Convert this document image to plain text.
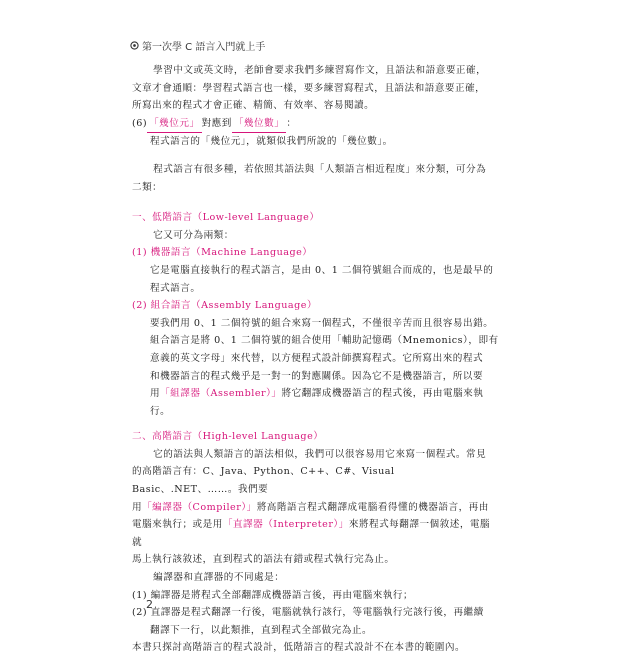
第一次學 C 語言入門就上手

學習中文或英文時，老師會要求我們多練習寫作文，且語法和語意要正確，

文章才會通順：學習程式語言也一樣，要多練習寫程式，且語法和語意要正確，

所寫出來的程式才會正確、精簡、有效率、容易閱讀。

(6) 「幾位元」 對應到 「幾位數」 ：

程式語言的「幾位元」，就類似我們所說的「幾位數」。

程式語言有很多種，若依照其語法與「人類語言相近程度」來分類，可分為

二類：

一、低階語言（Low-level Language）

它又可分為兩類：

(1) 機器語言（Machine Language）

它是電腦直接執行的程式語言，是由 0、1 二個符號組合而成的，也是最早的

程式語言。

(2) 組合語言（Assembly Language）

要我們用 0、1 二個符號的組合來寫一個程式，不僅很辛苦而且很容易出錯。

組合語言是將 0、1 二個符號的組合使用「輔助記憶碼（Mnemonics），即有

意義的英文字母」來代替，以方便程式設計師撰寫程式。它所寫出來的程式

和機器語言的程式幾乎是一對一的對應關係。因為它不是機器語言，所以要

用「組譯器（Assembler）」將它翻譯成機器語言的程式後，再由電腦來執行。

二、高階語言（High-level Language）

它的語法與人類語言的語法相似，我們可以很容易用它來寫一個程式。常見

的高階語言有：C、Java、Python、C++、C#、Visual Basic、.NET、……。我們要

用「編譯器（Compiler）」將高階語言程式翻譯成電腦看得懂的機器語言，再由

電腦來執行；或是用「直譯器（Interpreter）」來將程式每翻譯一個敘述，電腦就

馬上執行該敘述，直到程式的語法有錯或程式執行完為止。

編譯器和直譯器的不同處是：

(1) 編譯器是將程式全部翻譯成機器語言後，再由電腦來執行；

(2) 直譯器是程式翻譯一行後，電腦就執行該行，等電腦執行完該行後，再繼續

翻譯下一行，以此類推，直到程式全部做完為止。

本書只探討高階語言的程式設計，低階語言的程式設計不在本書的範圍內。

2
